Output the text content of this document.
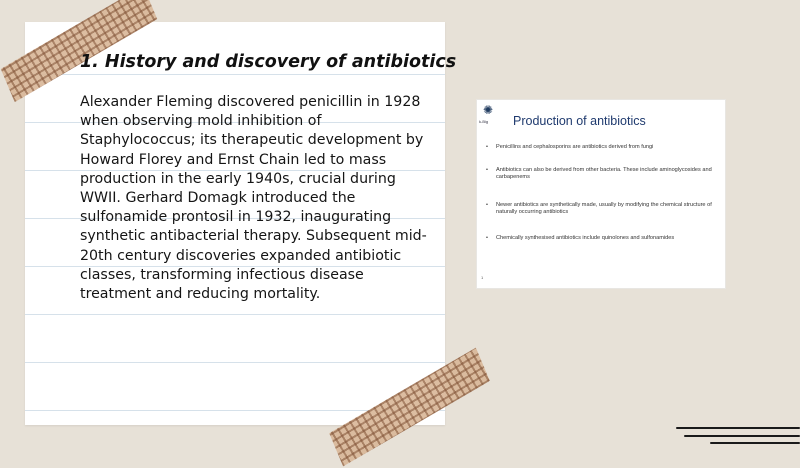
1. History and discovery of antibiotics

Alexander Fleming discovered penicillin in 1928 when observing mold inhibition of Staphylococcus; its therapeutic development by Howard Florey and Ernst Chain led to mass production in the early 1940s, crucial during WWII. Gerhard Domagk introduced the sulfonamide prontosil in 1932, inaugurating synthetic antibacterial therapy. Subsequent mid-20th century discoveries expanded antibiotic classes, transforming infectious disease treatment and reducing mortality.

✺
k-Big Production of antibiotics
• Penicillins and cephalosporins are antibiotics derived from fungi
• Antibiotics can also be derived from other bacteria. These include aminoglycosides and carbapenems
• Newer antibiotics are synthetically made, usually by modifying the chemical structure of naturally occurring antibiotics
• Chemically synthesised antibiotics include quinolones and sulfonamides
1
